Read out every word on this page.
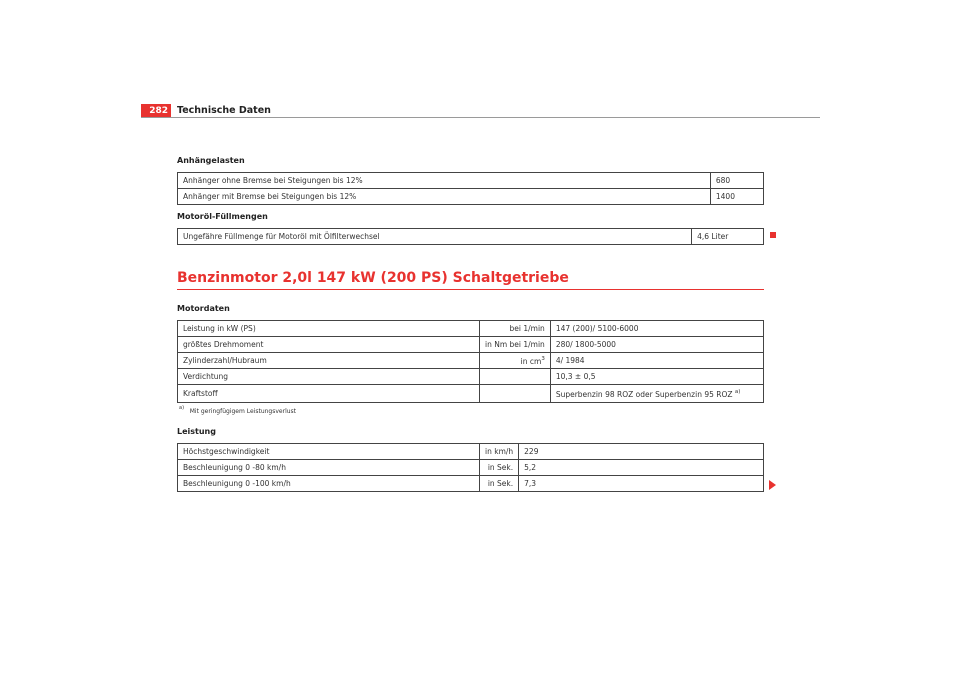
282 Technische Daten
Anhängelasten
Anhänger ohne Bremse bei Steigungen bis 12%	680
Anhänger mit Bremse bei Steigungen bis 12%	1400
Motoröl-Füllmengen
Ungefähre Füllmenge für Motoröl mit Ölfilterwechsel	4,6 Liter
Benzinmotor 2,0l 147 kW (200 PS) Schaltgetriebe
Motordaten
Leistung in kW (PS)	bei 1/min	147 (200)/ 5100-6000
größtes Drehmoment	in Nm bei 1/min	280/ 1800-5000
Zylinderzahl/Hubraum	in $cm^3$	4/ 1984
Verdichtung		10,3 ± 0,5
Kraftstoff		Superbenzin 98 ROZ oder Superbenzin 95 ROZ $^{a)}$
$^{a)}$ Mit geringfügigem Leistungsverlust
Leistung
Höchstgeschwindigkeit	in km/h	229
Beschleunigung 0 -80 km/h	in Sek.	5,2
Beschleunigung 0 -100 km/h	in Sek.	7,3
